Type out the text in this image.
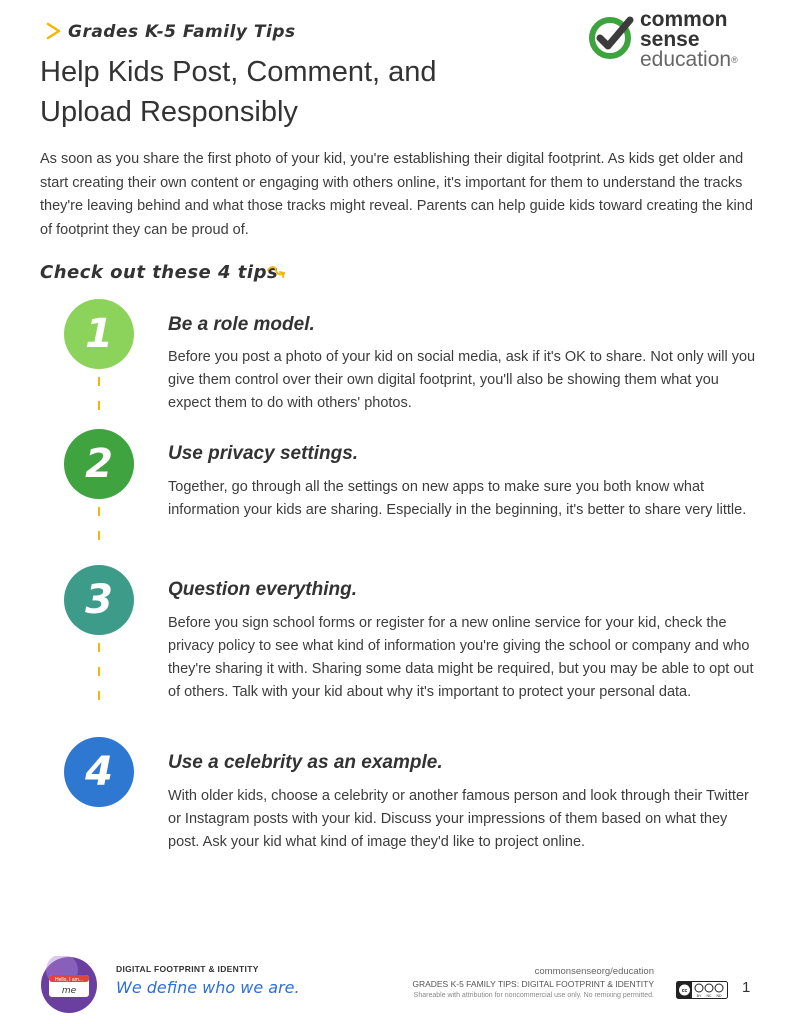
Grades K-5 Family Tips
Help Kids Post, Comment, and Upload Responsibly
common
sense
education®

As soon as you share the first photo of your kid, you're establishing their digital footprint. As kids get older and start creating their own content or engaging with others online, it's important for them to understand the tracks they're leaving behind and what those tracks might reveal. Parents can help guide kids toward creating the kind of footprint they can be proud of.

Check out these 4 tips
1	Be a role model.

Before you post a photo of your kid on social media, ask if it's OK to share. Not only will you give them control over their own digital footprint, you'll also be showing them what you expect them to do with others' photos.

2	Use privacy settings.

Together, go through all the settings on new apps to make sure you both know what information your kids are sharing. Especially in the beginning, it's better to share very little.

3	Question everything.

Before you sign school forms or register for a new online service for your kid, check the privacy policy to see what kind of information you're giving the school or company and who they're sharing it with. Sharing some data might be required, but you may be able to opt out of others. Talk with your kid about why it's important to protect your personal data.

4	Use a celebrity as an example.

With older kids, choose a celebrity or another famous person and look through their Twitter or Instagram posts with your kid. Discuss your impressions of them based on what they post. Ask your kid what kind of image they'd like to project online.

Hello, I am...
me
DIGITAL FOOTPRINT & IDENTITY
We define who we are.
commonsenseorg/education
GRADES K-5 FAMILY TIPS: DIGITAL FOOTPRINT & IDENTITY
Shareable with attribution for noncommercial use only. No remixing permitted.
cc
BY NC ND 1
